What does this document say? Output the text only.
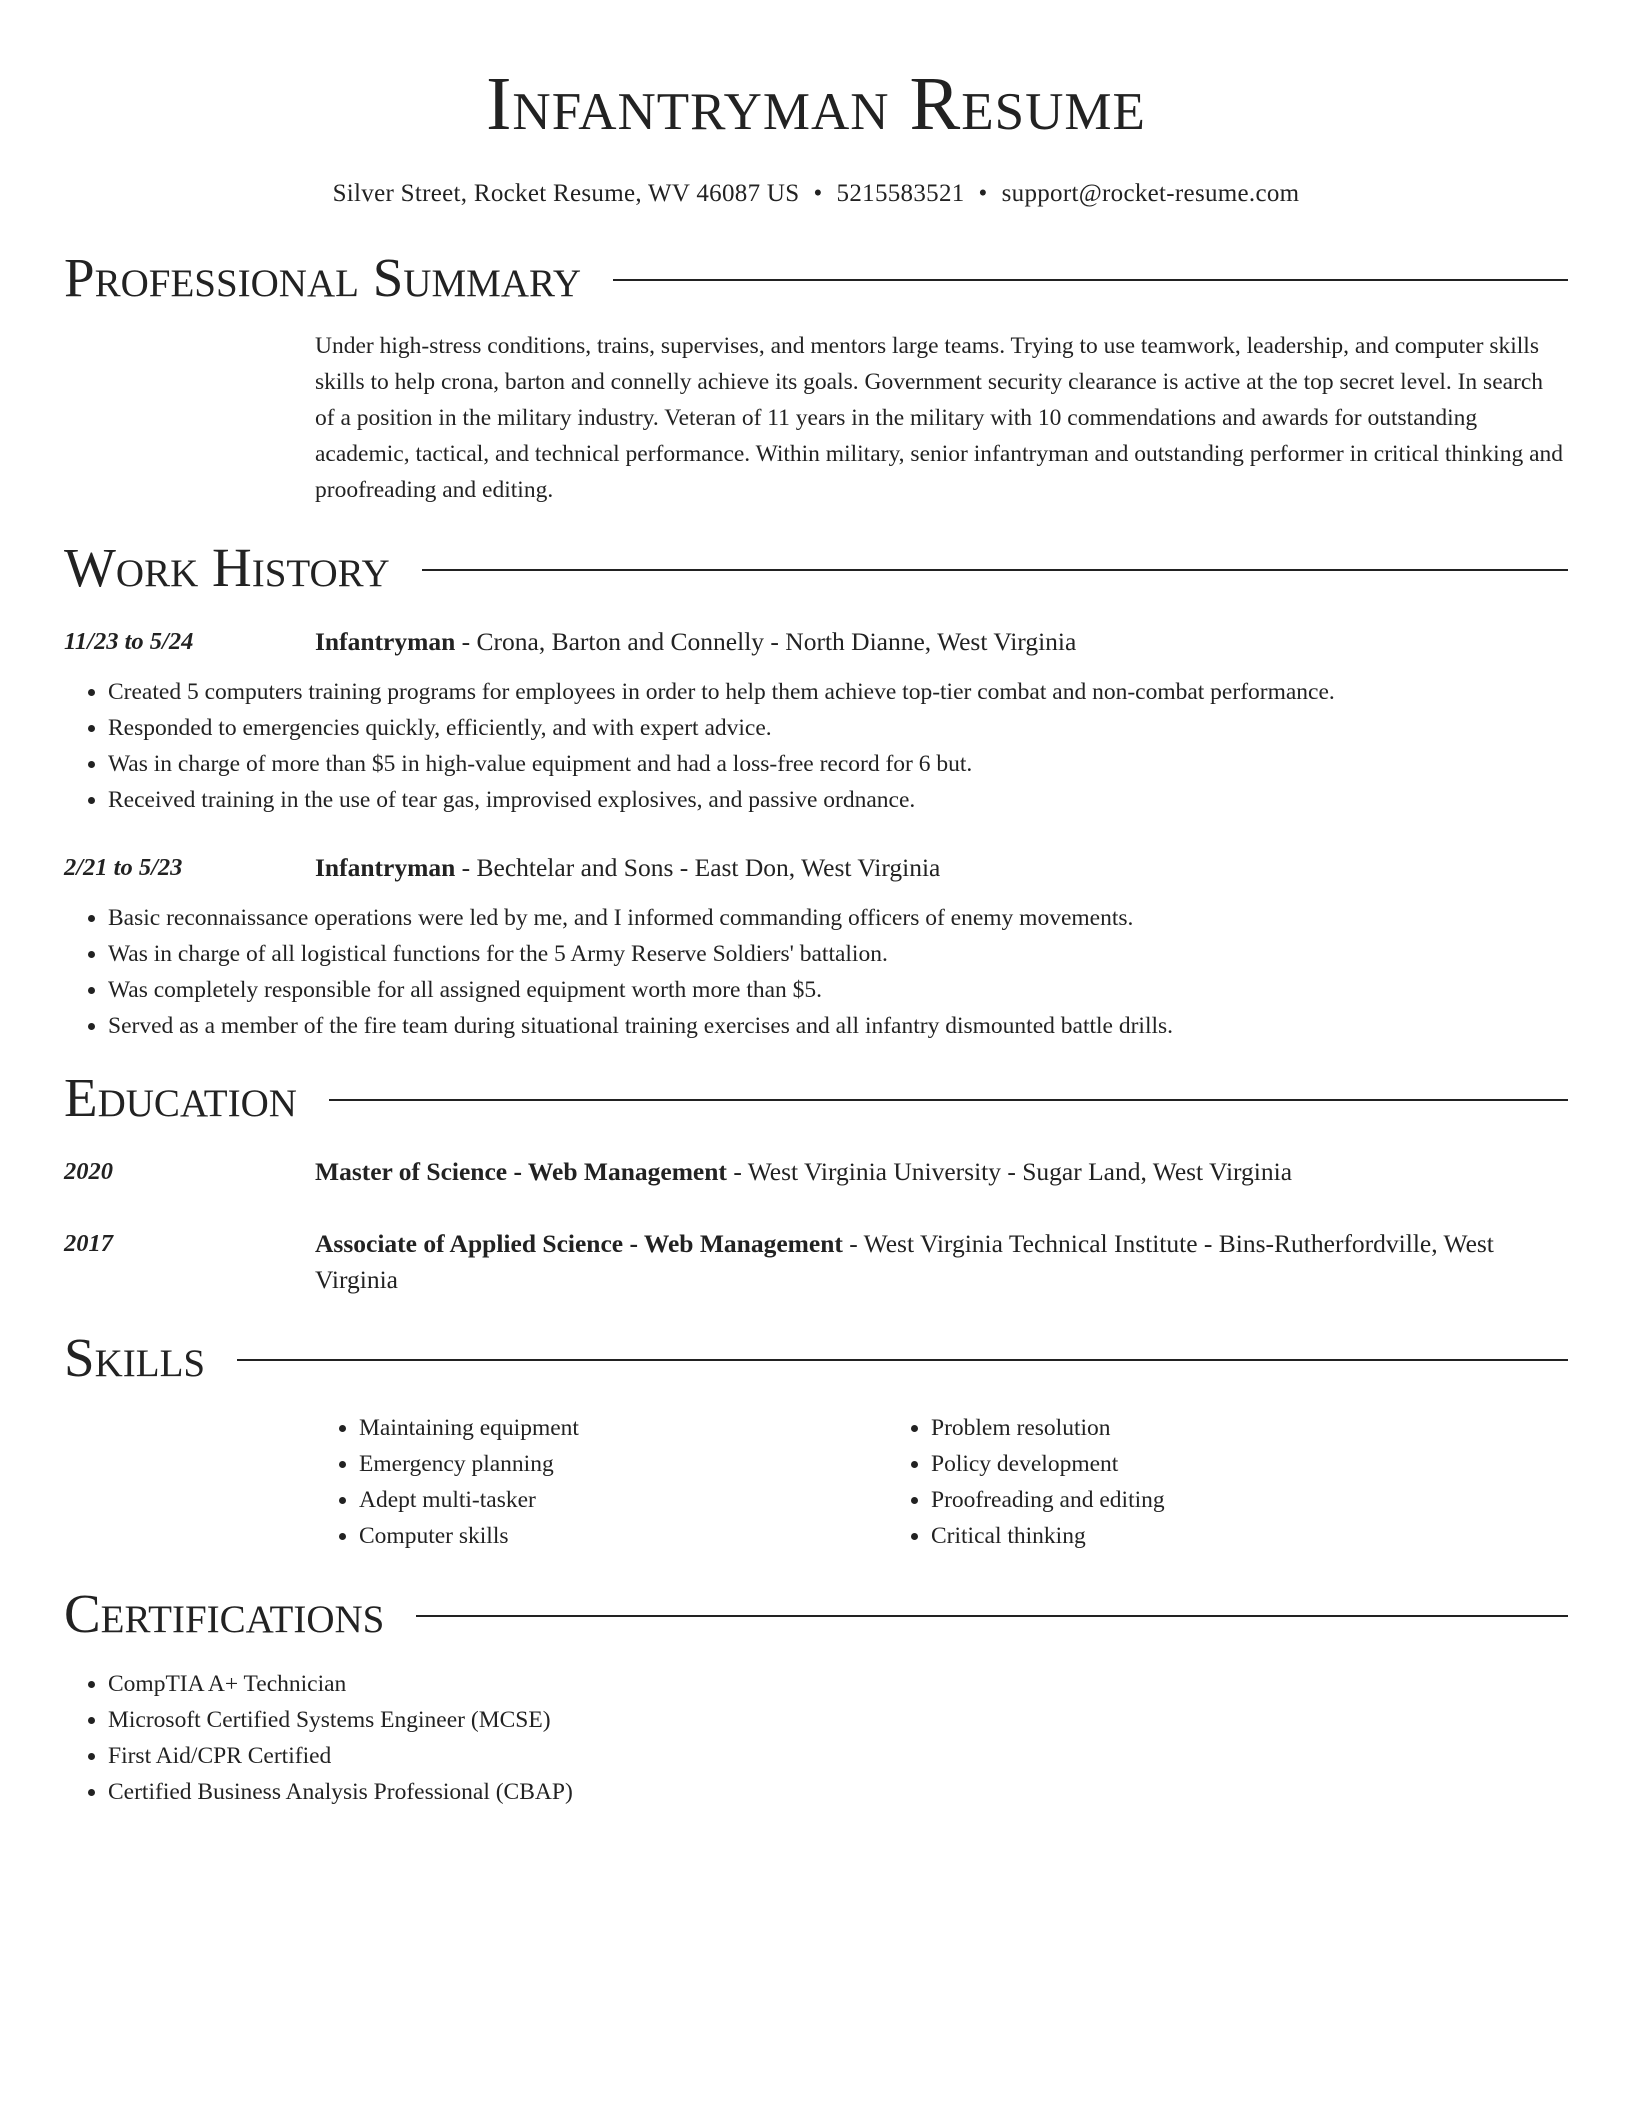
Infantryman Resume
Silver Street, Rocket Resume, WV 46087 US • 5215583521 • support@rocket-resume.com
Professional Summary
Under high-stress conditions, trains, supervises, and mentors large teams. Trying to use teamwork, leadership, and computer skills skills to help crona, barton and connelly achieve its goals. Government security clearance is active at the top secret level. In search of a position in the military industry. Veteran of 11 years in the military with 10 commendations and awards for outstanding academic, tactical, and technical performance. Within military, senior infantryman and outstanding performer in critical thinking and proofreading and editing.
Work History
11/23 to 5/24	Infantryman - Crona, Barton and Connelly - North Dianne, West Virginia
• Created 5 computers training programs for employees in order to help them achieve top-tier combat and non-combat performance.
• Responded to emergencies quickly, efficiently, and with expert advice.
• Was in charge of more than $5 in high-value equipment and had a loss-free record for 6 but.
• Received training in the use of tear gas, improvised explosives, and passive ordnance.
2/21 to 5/23	Infantryman - Bechtelar and Sons - East Don, West Virginia
• Basic reconnaissance operations were led by me, and I informed commanding officers of enemy movements.
• Was in charge of all logistical functions for the 5 Army Reserve Soldiers' battalion.
• Was completely responsible for all assigned equipment worth more than $5.
• Served as a member of the fire team during situational training exercises and all infantry dismounted battle drills.
Education
2020	Master of Science - Web Management - West Virginia University - Sugar Land, West Virginia
2017	Associate of Applied Science - Web Management - West Virginia Technical Institute - Bins-Rutherfordville, West Virginia
Skills
• Maintaining equipment
• Emergency planning
• Adept multi-tasker
• Computer skills
• Problem resolution
• Policy development
• Proofreading and editing
• Critical thinking
Certifications
• CompTIA A+ Technician
• Microsoft Certified Systems Engineer (MCSE)
• First Aid/CPR Certified
• Certified Business Analysis Professional (CBAP)
